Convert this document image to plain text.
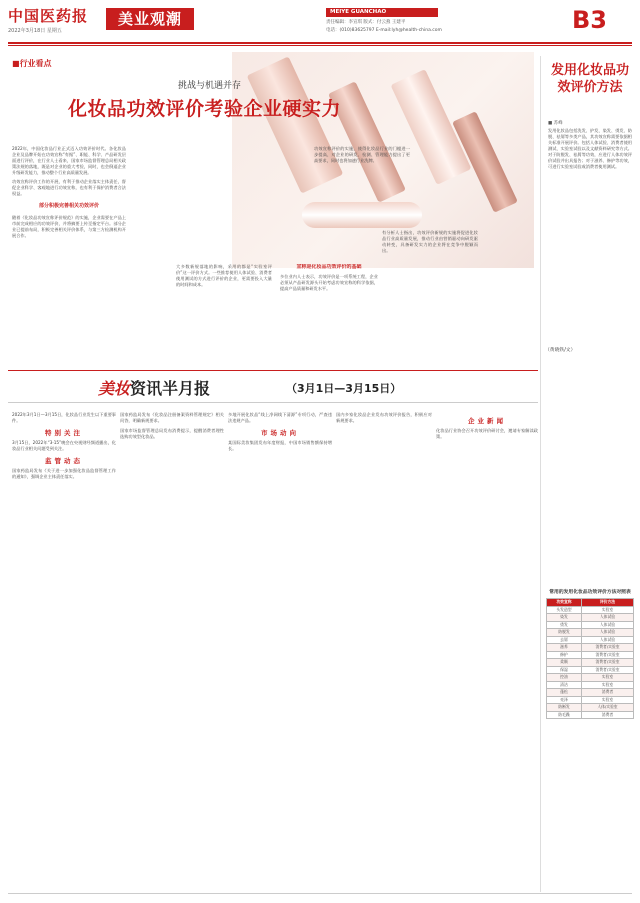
中国医药报
2022年3月18日 星期五
美业观潮	MEIYE GUANCHAO
责任编辑：李宣琪 版式：付云燕 王建平
电话：(010)83625797 E-mail:lyh@health-china.com	B3
■行业看点
挑战与机遇并存
化妆品功效评价考验企业硬实力

2022年，中国化妆品行业正式迈入功效评价时代。各化妆品企业及品牌开始在功效宣称“有据”、职能、科学、产品研发层面进行评价，在行业人士看来，国家市场监督管理总局相关政策法规的落地，既是对企业的重大考验，同时，也会倒逼企业升级研发能力，推动整个行业高质量发展。

功效宣称评价工作的开展，有利于推动企业落实主体责任，督促企业科学、客观地进行功效宣称，也有利于保护消费者合法权益。

部分积极完善相关功效评价

随着《化妆品功效宣称评价规范》的实施，企业需要在产品上市前完成相应的功效评价，并将摘要上传至指定平台。部分企业已提前布局，积极完善相关评价体系，与第三方检测机构开展合作。

大多数新规落地的影响，采用的都是“实验室评价”这一评价方式。一些推荐使用人体试验、消费者使用测试的方式进行评价的企业，更需要投入大量的时间和成本。

宣称是化妆品功效评价的基础

多位业内人士表示，功效评价是一项系统工程，企业必须从产品研发源头开始考虑功效宣称的科学依据，提高产品质量和研发水平。

功效宣称评价的实施，使得化妆品行业的门槛进一步提高，对企业的研发、检测、管理能力提出了更高要求，同时也将加速行业洗牌。

有分析人士指出，功效评价新规的实施将促进化妆品行业高质量发展，推动行业由营销驱动向研发驱动转变，具备研发实力的企业将在竞争中脱颖而出。

（黄晓铁/文）
发用化妆品功效评价方法
■ 苏峰

发用化妆品包括洗发、护发、染发、烫发、防脱、祛屑等多类产品，其功效宣称需要依据相关标准开展评价。包括人体试验、消费者使用测试、实验室试验以及文献资料研究等方式。对于防脱发、祛屑等功效，应进行人体功效评价试验并出具报告；对于滋养、修护等功效，可进行实验室试验或消费者使用测试。

常用的发用化妆品功效评价方法对照表
功效宣称	评价方法
头发造型	实验室
染发	人体试验
烫发	人体试验
防脱发	人体试验
去屑	人体试验
滋养	消费者/实验室
修护	消费者/实验室
柔顺	消费者/实验室
保湿	消费者/实验室
控油	实验室
清洁	实验室
蓬松	消费者
亮泽	实验室
防断发	人体/实验室
防毛躁	消费者
美妆资讯半月报	（3月1日—3月15日）

2022年3月1日—3月15日，化妆品行业发生以下重要事件。

特别关注

3月15日，2022年“3·15”晚会在央视财经频道播出，化妆品行业相关问题受到关注。

监管动态

国家药监局发布《关于进一步加强化妆品监督管理工作的通知》，强调企业主体责任落实。

国家药监局发布《化妆品注册备案资料管理规定》相关问答，明确新规要求。

国家市场监督管理总局发布消费提示，提醒消费者理性选购功效型化妆品。

多地开展化妆品“线上净网线下清源”专项行动，严查违法违规产品。

市场动向

某国际美妆集团发布年度财报，中国市场销售额保持增长。

国内多家化妆品企业发布功效评价报告，积极应对新规要求。	企业新闻

化妆品行业协会召开功效评价研讨会，邀请专家解读政策。
